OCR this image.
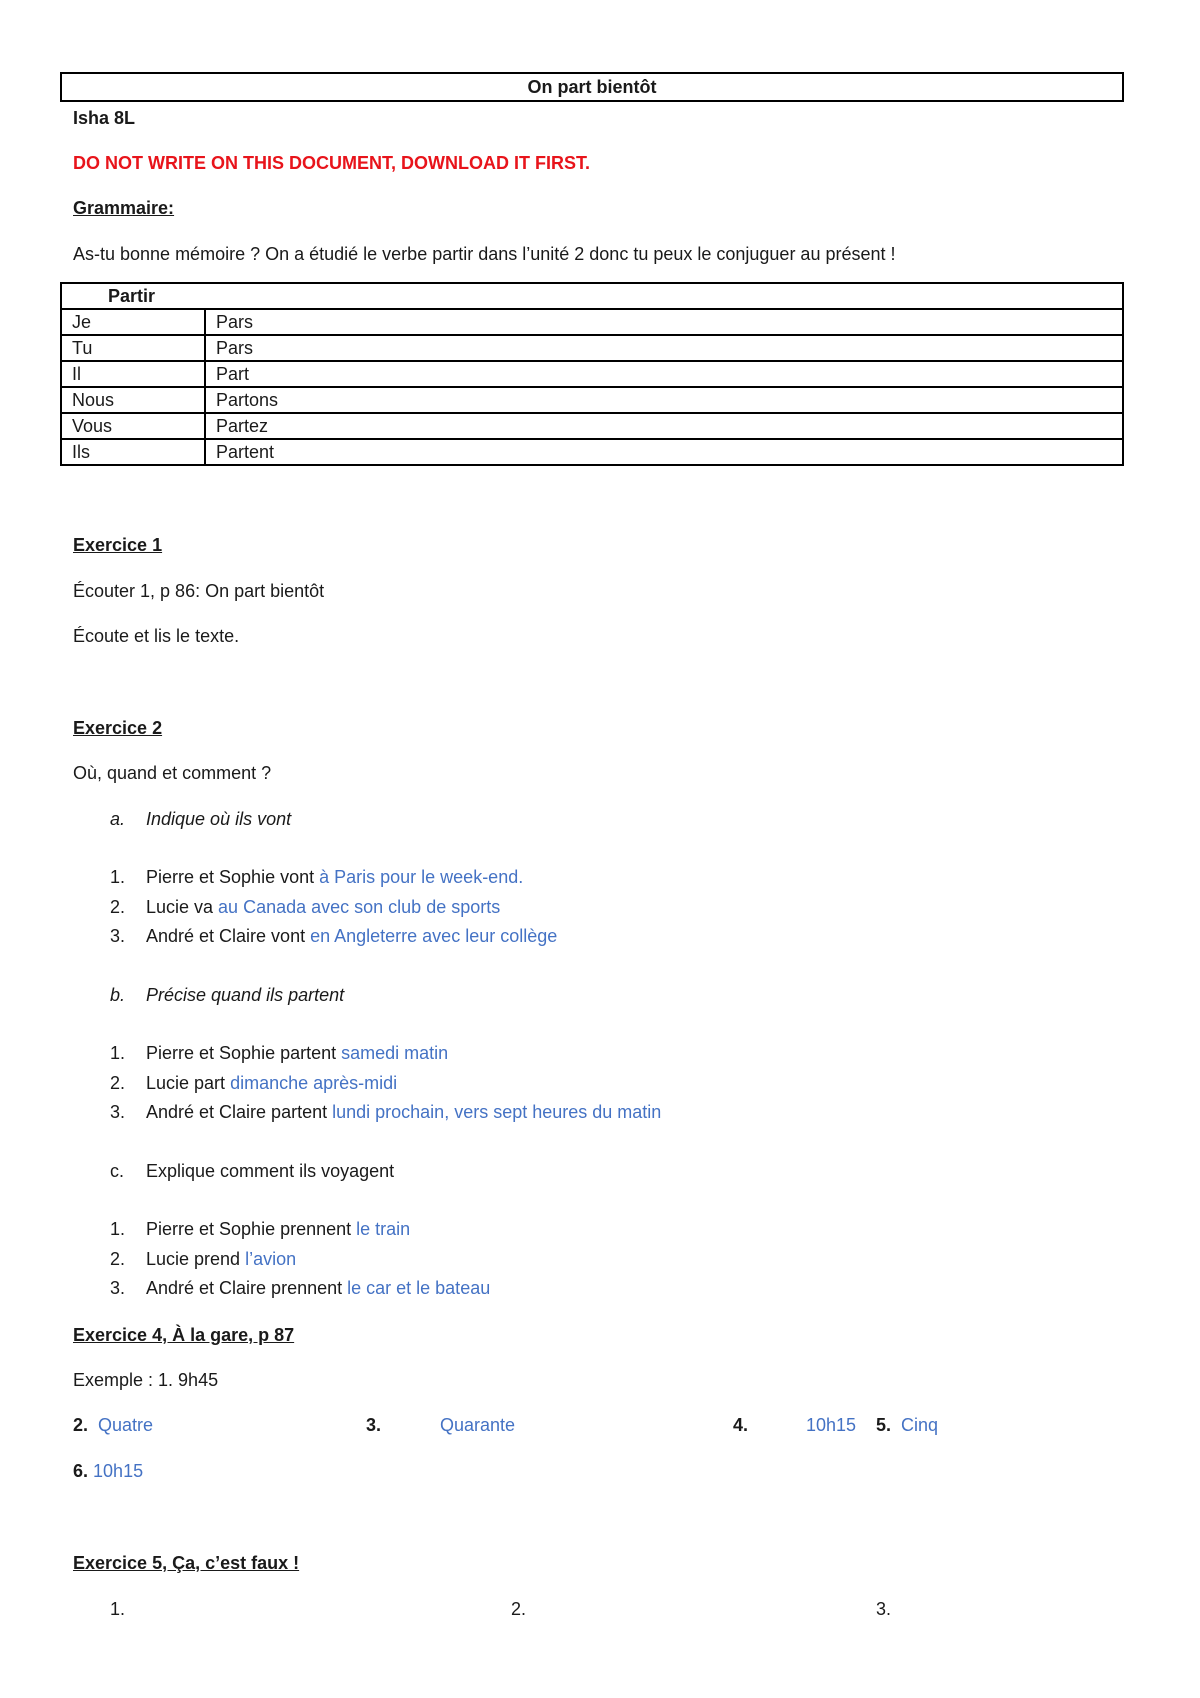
On part bientôt
Isha 8L
DO NOT WRITE ON THIS DOCUMENT, DOWNLOAD IT FIRST.
Grammaire:
As-tu bonne mémoire ? On a étudié le verbe partir dans l’unité 2 donc tu peux le conjuguer au présent !
Partir	
Je	Pars
Tu	Pars
Il	Part
Nous	Partons
Vous	Partez
Ils	Partent
Exercice 1
Écouter 1, p 86: On part bientôt
Écoute et lis le texte.
Exercice 2
Où, quand et comment ?
a. Indique où ils vont
1. Pierre et Sophie vont à Paris pour le week-end.
2. Lucie va au Canada avec son club de sports
3. André et Claire vont en Angleterre avec leur collège
b. Précise quand ils partent
1. Pierre et Sophie partent samedi matin
2. Lucie part dimanche après-midi
3. André et Claire partent lundi prochain, vers sept heures du matin
c. Explique comment ils voyagent
1. Pierre et Sophie prennent le train
2. Lucie prend l’avion
3. André et Claire prennent le car et le bateau
Exercice 4, À la gare, p 87
Exemple : 1. 9h45
2. Quatre	3.	Quarante	4.	10h15 5. Cinq
6. 10h15
Exercice 5, Ça, c’est faux !
1.	2.	3.
